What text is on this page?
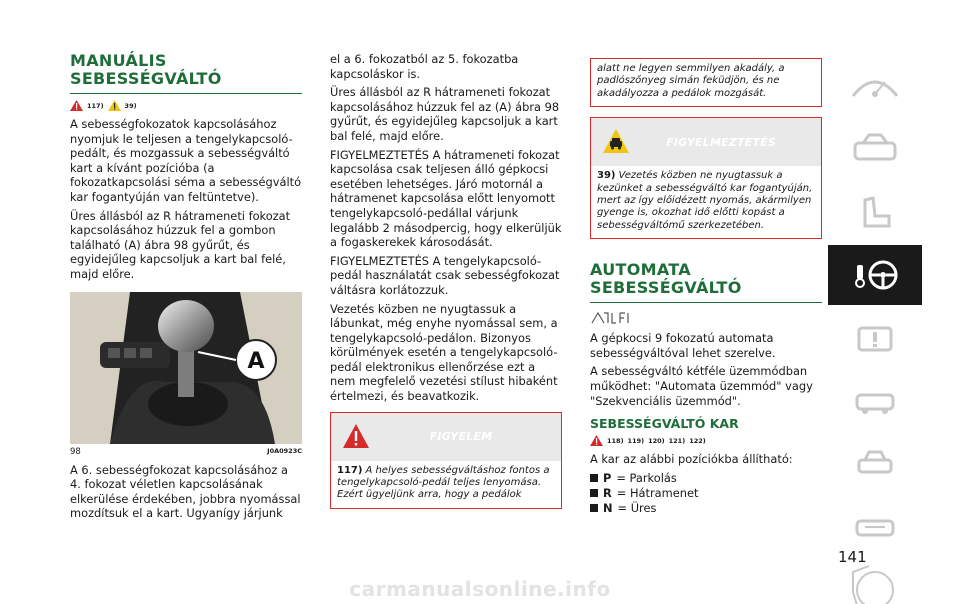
MANUÁLIS SEBESSÉGVÁLTÓ
117)	39)

A sebességfokozatok kapcsolásához nyomjuk le teljesen a tengelykapcsoló-pedált, és mozgassuk a sebességváltó kart a kívánt pozícióba (a fokozatkapcsolási séma a sebességváltó kar fogantyúján van feltüntetve).

Üres állásból az R hátrameneti fokozat kapcsolásához húzzuk fel a gombon található (A) ábra 98 gyűrűt, és egyidejűleg kapcsoljuk a kart bal felé, majd előre.

A
98	J0A0923C

A 6. sebességfokozat kapcsolásához a 4. fokozat véletlen kapcsolásának elkerülése érdekében, jobbra nyomással mozdítsuk el a kart. Ugyanígy járjunk

el a 6. fokozatból az 5. fokozatba kapcsoláskor is.

Üres állásból az R hátrameneti fokozat kapcsolásához húzzuk fel az (A) ábra 98 gyűrűt, és egyidejűleg kapcsoljuk a kart bal felé, majd előre.

FIGYELMEZTETÉS A hátrameneti fokozat kapcsolása csak teljesen álló gépkocsi esetében lehetséges. Járó motornál a hátramenet kapcsolása előtt lenyomott tengelykapcsoló-pedállal várjunk legalább 2 másodpercig, hogy elkerüljük a fogaskerekek károsodását.

FIGYELMEZTETÉS A tengelykapcsoló-pedál használatát csak sebességfokozat váltásra korlátozzuk.

Vezetés közben ne nyugtassuk a lábunkat, még enyhe nyomással sem, a tengelykapcsoló-pedálon. Bizonyos körülmények esetén a tengelykapcsoló-pedál elektronikus ellenőrzése ezt a nem megfelelő vezetési stílust hibaként értelmezi, és beavatkozik.

FIGYELEM
117) A helyes sebességváltáshoz fontos a tengelykapcsoló-pedál teljes lenyomása. Ezért ügyeljünk arra, hogy a pedálok
alatt ne legyen semmilyen akadály, a padlószőnyeg simán feküdjön, és ne akadályozza a pedálok mozgását.
FIGYELMEZTETÉS
39) Vezetés közben ne nyugtassuk a kezünket a sebességváltó kar fogantyúján, mert az így előidézett nyomás, akármilyen gyenge is, okozhat idő előtti kopást a sebességváltómű szerkezetében.
AUTOMATA SEBESSÉGVÁLTÓ

A gépkocsi 9 fokozatú automata sebességváltóval lehet szerelve.

A sebességváltó kétféle üzemmódban működhet: "Automata üzemmód" vagy "Szekvenciális üzemmód".

SEBESSÉGVÁLTÓ KAR
118) 119) 120) 121) 122)

A kar az alábbi pozíciókba állítható:

P = Parkolás
R = Hátramenet
N = Üres
141
carmanualsonline.info
